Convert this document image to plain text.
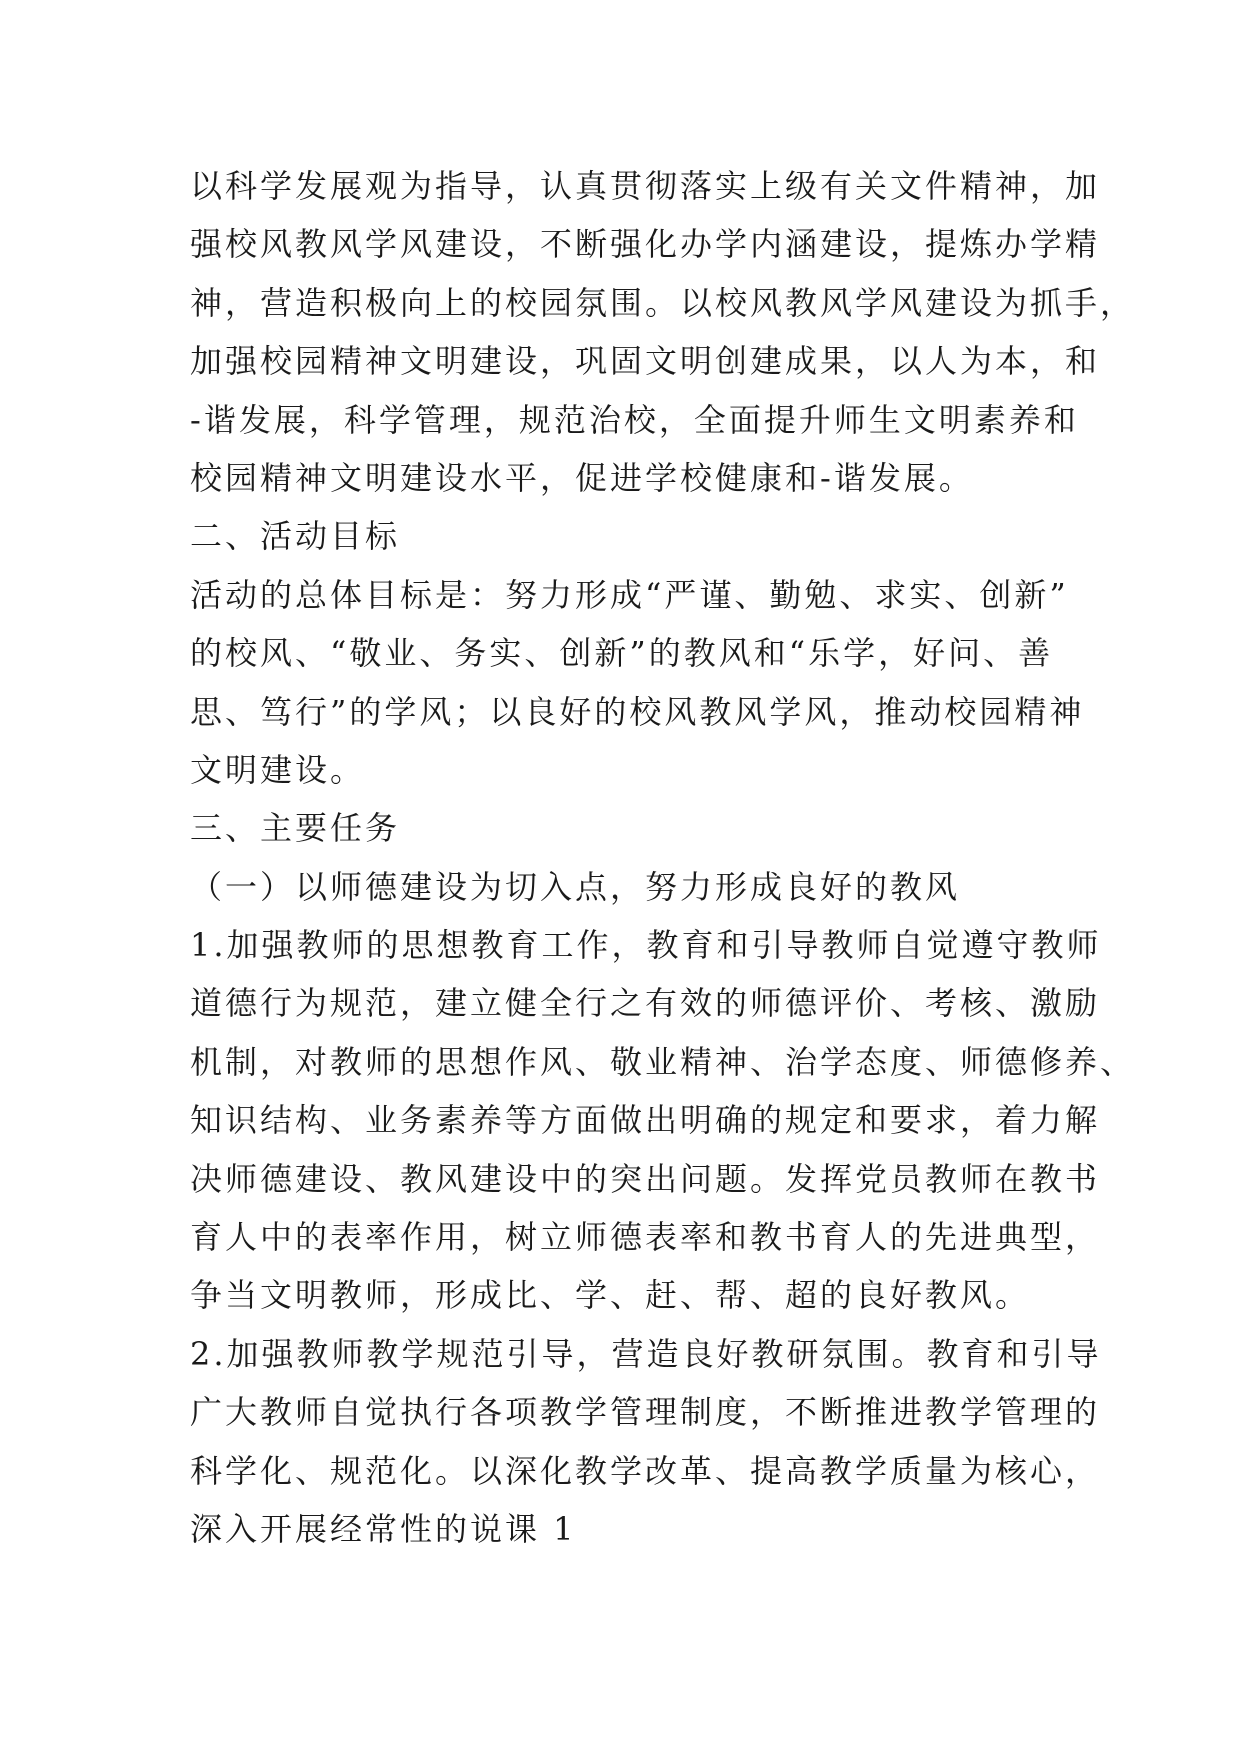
以科学发展观为指导，认真贯彻落实上级有关文件精神，加
强校风教风学风建设，不断强化办学内涵建设，提炼办学精
神，营造积极向上的校园氛围。以校风教风学风建设为抓手，
加强校园精神文明建设，巩固文明创建成果，以人为本，和
-谐发展，科学管理，规范治校，全面提升师生文明素养和
校园精神文明建设水平，促进学校健康和-谐发展。
二、活动目标
活动的总体目标是：努力形成“严谨、勤勉、求实、创新”
的校风、“敬业、务实、创新”的教风和“乐学，好问、善
思、笃行”的学风；以良好的校风教风学风，推动校园精神
文明建设。
三、主要任务
（一）以师德建设为切入点，努力形成良好的教风
1.加强教师的思想教育工作，教育和引导教师自觉遵守教师
道德行为规范，建立健全行之有效的师德评价、考核、激励
机制，对教师的思想作风、敬业精神、治学态度、师德修养、
知识结构、业务素养等方面做出明确的规定和要求，着力解
决师德建设、教风建设中的突出问题。发挥党员教师在教书
育人中的表率作用，树立师德表率和教书育人的先进典型，
争当文明教师，形成比、学、赶、帮、超的良好教风。
2.加强教师教学规范引导，营造良好教研氛围。教育和引导
广大教师自觉执行各项教学管理制度，不断推进教学管理的
科学化、规范化。以深化教学改革、提高教学质量为核心，
深入开展经常性的说课 1
